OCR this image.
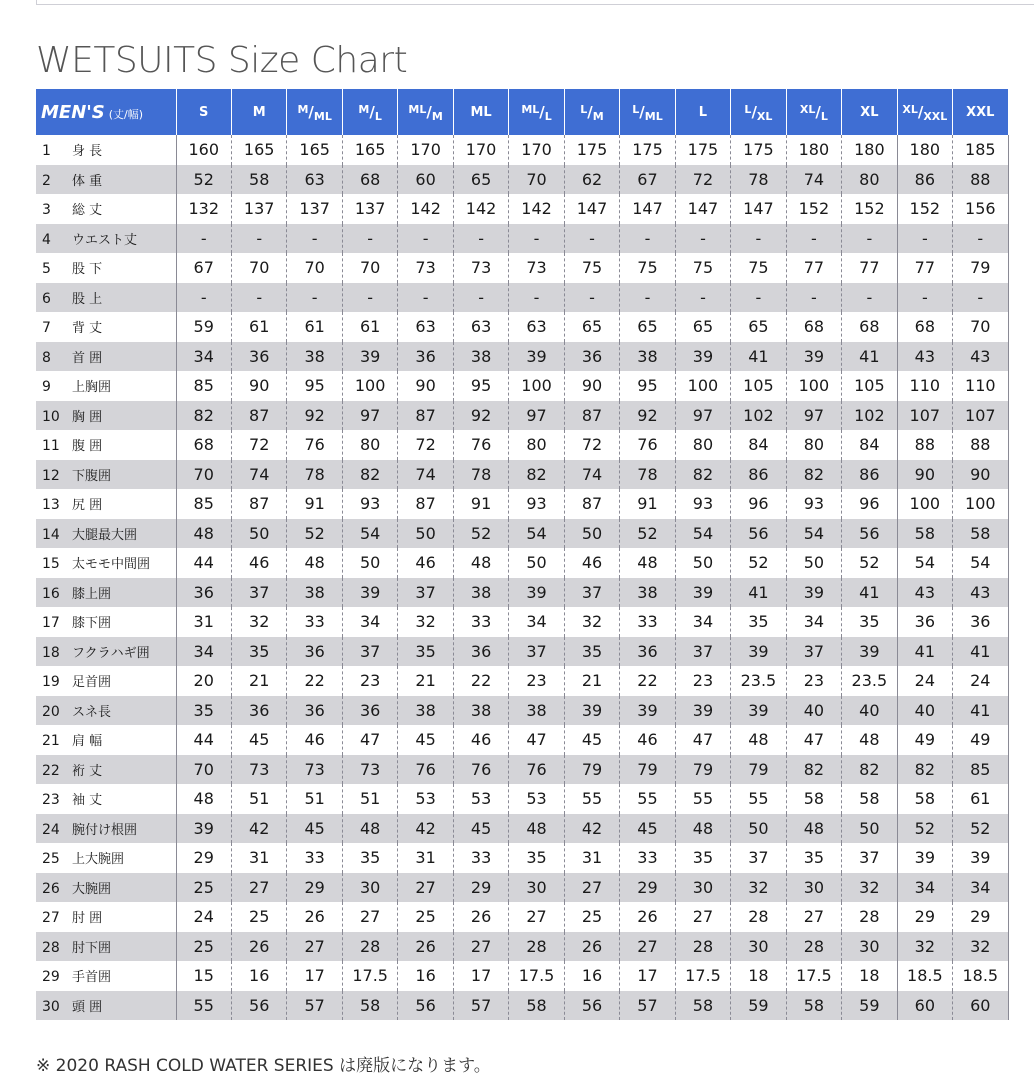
WETSUITS Size Chart
MEN'S (丈/幅)	S	M	$^M/_{ML}$	$^M/_L$	$^{ML}/_M$	ML	$^{ML}/_L$	$^L/_M$	$^L/_{ML}$	L	$^L/_{XL}$	$^{XL}/_L$	XL	$^{XL}/_{XXL}$	XXL
1 身 長	160	165	165	165	170	170	170	175	175	175	175	180	180	180	185
2 体 重	52	58	63	68	60	65	70	62	67	72	78	74	80	86	88
3 総 丈	132	137	137	137	142	142	142	147	147	147	147	152	152	152	156
4 ウエスト丈	-	-	-	-	-	-	-	-	-	-	-	-	-	-	-
5 股 下	67	70	70	70	73	73	73	75	75	75	75	77	77	77	79
6 股 上	-	-	-	-	-	-	-	-	-	-	-	-	-	-	-
7 背 丈	59	61	61	61	63	63	63	65	65	65	65	68	68	68	70
8 首 囲	34	36	38	39	36	38	39	36	38	39	41	39	41	43	43
9 上胸囲	85	90	95	100	90	95	100	90	95	100	105	100	105	110	110
10 胸 囲	82	87	92	97	87	92	97	87	92	97	102	97	102	107	107
11 腹 囲	68	72	76	80	72	76	80	72	76	80	84	80	84	88	88
12 下腹囲	70	74	78	82	74	78	82	74	78	82	86	82	86	90	90
13 尻 囲	85	87	91	93	87	91	93	87	91	93	96	93	96	100	100
14 大腿最大囲	48	50	52	54	50	52	54	50	52	54	56	54	56	58	58
15 太モモ中間囲	44	46	48	50	46	48	50	46	48	50	52	50	52	54	54
16 膝上囲	36	37	38	39	37	38	39	37	38	39	41	39	41	43	43
17 膝下囲	31	32	33	34	32	33	34	32	33	34	35	34	35	36	36
18 フクラハギ囲	34	35	36	37	35	36	37	35	36	37	39	37	39	41	41
19 足首囲	20	21	22	23	21	22	23	21	22	23	23.5	23	23.5	24	24
20 スネ長	35	36	36	36	38	38	38	39	39	39	39	40	40	40	41
21 肩 幅	44	45	46	47	45	46	47	45	46	47	48	47	48	49	49
22 裄 丈	70	73	73	73	76	76	76	79	79	79	79	82	82	82	85
23 袖 丈	48	51	51	51	53	53	53	55	55	55	55	58	58	58	61
24 腕付け根囲	39	42	45	48	42	45	48	42	45	48	50	48	50	52	52
25 上大腕囲	29	31	33	35	31	33	35	31	33	35	37	35	37	39	39
26 大腕囲	25	27	29	30	27	29	30	27	29	30	32	30	32	34	34
27 肘 囲	24	25	26	27	25	26	27	25	26	27	28	27	28	29	29
28 肘下囲	25	26	27	28	26	27	28	26	27	28	30	28	30	32	32
29 手首囲	15	16	17	17.5	16	17	17.5	16	17	17.5	18	17.5	18	18.5	18.5
30 頭 囲	55	56	57	58	56	57	58	56	57	58	59	58	59	60	60
※ 2020 RASH COLD WATER SERIES は廃版になります。
